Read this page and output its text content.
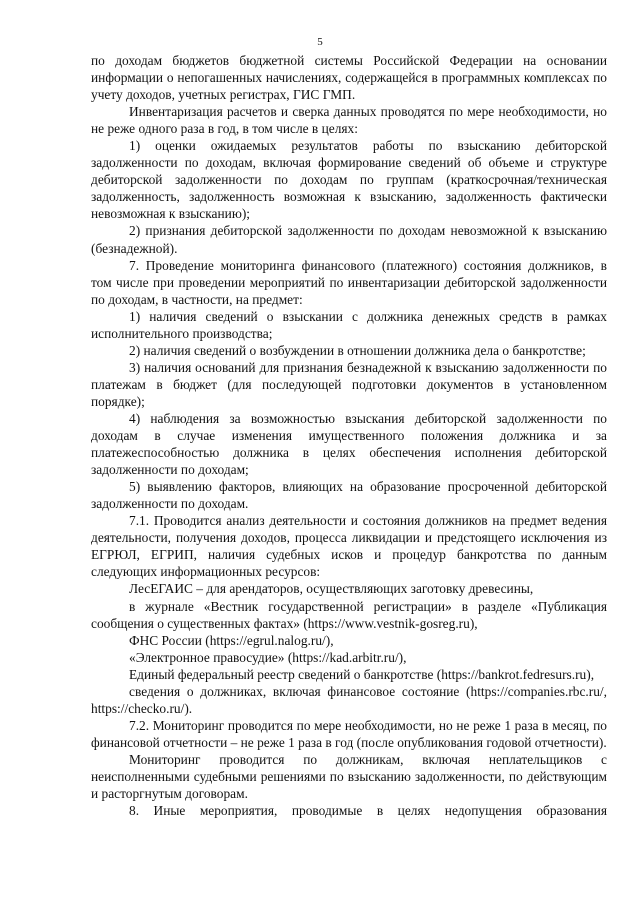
5

по доходам бюджетов бюджетной системы Российской Федерации на основании информации о непогашенных начислениях, содержащейся в программных комплексах по учету доходов, учетных регистрах, ГИС ГМП.

Инвентаризация расчетов и сверка данных проводятся по мере необходимости, но не реже одного раза в год, в том числе в целях:

1) оценки ожидаемых результатов работы по взысканию дебиторской задолженности по доходам, включая формирование сведений об объеме и структуре дебиторской задолженности по доходам по группам (краткосрочная/техническая задолженность, задолженность возможная к взысканию, задолженность фактически невозможная к взысканию);

2) признания дебиторской задолженности по доходам невозможной к взысканию (безнадежной).

7. Проведение мониторинга финансового (платежного) состояния должников, в том числе при проведении мероприятий по инвентаризации дебиторской задолженности по доходам, в частности, на предмет:

1) наличия сведений о взыскании с должника денежных средств в рамках исполнительного производства;

2) наличия сведений о возбуждении в отношении должника дела о банкротстве;

3) наличия оснований для признания безнадежной к взысканию задолженности по платежам в бюджет (для последующей подготовки документов в установленном порядке);

4) наблюдения за возможностью взыскания дебиторской задолженности по доходам в случае изменения имущественного положения должника и за платежеспособностью должника в целях обеспечения исполнения дебиторской задолженности по доходам;

5) выявлению факторов, влияющих на образование просроченной дебиторской задолженности по доходам.

7.1. Проводится анализ деятельности и состояния должников на предмет ведения деятельности, получения доходов, процесса ликвидации и предстоящего исключения из ЕГРЮЛ, ЕГРИП, наличия судебных исков и процедур банкротства по данным следующих информационных ресурсов:

ЛесЕГАИС – для арендаторов, осуществляющих заготовку древесины,

в журнале «Вестник государственной регистрации» в разделе «Публикация сообщения о существенных фактах» (https://www.vestnik-gosreg.ru),

ФНС России (https://egrul.nalog.ru/),

«Электронное правосудие» (https://kad.arbitr.ru/),

Единый федеральный реестр сведений о банкротстве (https://bankrot.fedresurs.ru),

сведения о должниках, включая финансовое состояние (https://companies.rbc.ru/, https://checko.ru/).

7.2. Мониторинг проводится по мере необходимости, но не реже 1 раза в месяц, по финансовой отчетности – не реже 1 раза в год (после опубликования годовой отчетности).

Мониторинг проводится по должникам, включая неплательщиков с неисполненными судебными решениями по взысканию задолженности, по действующим и расторгнутым договорам.

8. Иные мероприятия, проводимые в целях недопущения образования
